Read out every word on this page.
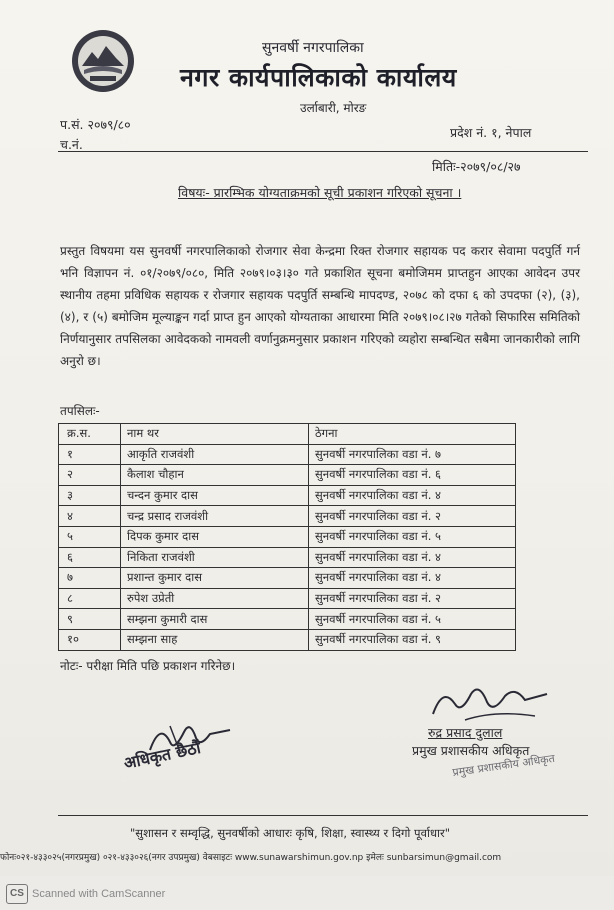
सुनवर्षी नगरपालिका
नगर कार्यपालिकाको कार्यालय
उर्लाबारी, मोरङ
प.सं. २०७९/८०
च.नं.
प्रदेश नं. १, नेपाल
मितिः-२०७९/०८/२७
विषयः- प्रारम्भिक योग्यताक्रमको सूची प्रकाशन गरिएको सूचना ।
प्रस्तुत विषयमा यस सुनवर्षी नगरपालिकाको रोजगार सेवा केन्द्रमा रिक्त रोजगार सहायक पद करार सेवामा पदपुर्ति गर्न भनि विज्ञापन नं. ०१/२०७९/०८०, मिति २०७९।०३।३० गते प्रकाशित सूचना बमोजिमम प्राप्तहुन आएका आवेदन उपर स्थानीय तहमा प्रविधिक सहायक र रोजगार सहायक पदपुर्ति सम्बन्धि मापदण्ड, २०७८ को दफा ६ को उपदफा (२), (३), (४), र (५) बमोजिम मूल्याङ्कन गर्दा प्राप्त हुन आएको योग्यताका आधारमा मिति २०७९।०८।२७ गतेको सिफारिस समितिको निर्णयानुसार तपसिलका आवेदकको नामवली वर्णानुक्रमनुसार प्रकाशन गरिएको व्यहोरा सम्बन्धित सबैमा जानकारीको लागि अनुरो छ।
तपसिलः-
क्र.स.	नाम थर	ठेगना
१	आकृति राजवंशी	सुनवर्षी नगरपालिका वडा नं. ७
२	कैलाश चौहान	सुनवर्षी नगरपालिका वडा नं. ६
३	चन्दन कुमार दास	सुनवर्षी नगरपालिका वडा नं. ४
४	चन्द्र प्रसाद राजवंशी	सुनवर्षी नगरपालिका वडा नं. २
५	दिपक कुमार दास	सुनवर्षी नगरपालिका वडा नं. ५
६	निकिता राजवंशी	सुनवर्षी नगरपालिका वडा नं. ४
७	प्रशान्त कुमार दास	सुनवर्षी नगरपालिका वडा नं. ४
८	रुपेश उप्रेती	सुनवर्षी नगरपालिका वडा नं. २
९	सम्झना कुमारी दास	सुनवर्षी नगरपालिका वडा नं. ५
१०	सम्झना साह	सुनवर्षी नगरपालिका वडा नं. ९
नोटः- परीक्षा मिति पछि प्रकाशन गरिनेछ।
अधिकृत छैठौं
रुद्र प्रसाद दुलाल
प्रमुख प्रशासकीय अधिकृत
प्रमुख प्रशासकीय अधिकृत
"सुशासन र सम्वृद्धि, सुनवर्षीको आधारः कृषि, शिक्षा, स्वास्थ्य र दिगो पूर्वाधार"
फोनः०२१-४३३०२५(नगरप्रमुख) ०२१-४३३०२६(नगर उपप्रमुख) वेबसाइटः www.sunawarshimun.gov.np इमेलः sunbarsimun@gmail.com
CS Scanned with CamScanner
